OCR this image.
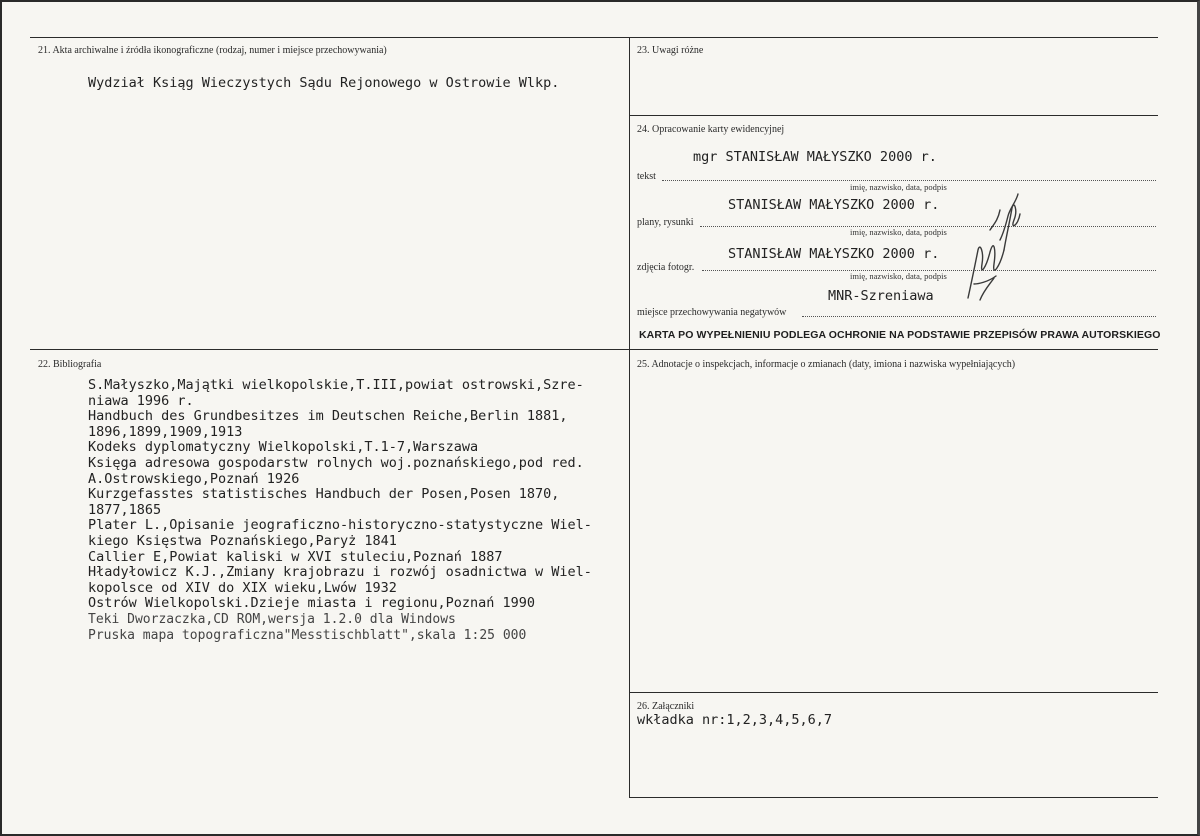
21. Akta archiwalne i źródła ikonograficzne (rodzaj, numer i miejsce przechowywania)
Wydział Ksiąg Wieczystych Sądu Rejonowego w Ostrowie Wlkp.
23. Uwagi różne
24. Opracowanie karty ewidencyjnej
mgr STANISŁAW MAŁYSZKO 2000 r.
tekst
imię, nazwisko, data, podpis
STANISŁAW MAŁYSZKO 2000 r.
plany, rysunki
imię, nazwisko, data, podpis
STANISŁAW MAŁYSZKO 2000 r.
zdjęcia fotogr.
imię, nazwisko, data, podpis
MNR-Szreniawa
miejsce przechowywania negatywów
KARTA PO WYPEŁNIENIU PODLEGA OCHRONIE NA PODSTAWIE PRZEPISÓW PRAWA AUTORSKIEGO
22. Bibliografia
S.Małyszko,Majątki wielkopolskie,T.III,powiat ostrowski,Szre-
niawa 1996 r.
Handbuch des Grundbesitzes im Deutschen Reiche,Berlin 1881,
1896,1899,1909,1913
Kodeks dyplomatyczny Wielkopolski,T.1-7,Warszawa
Księga adresowa gospodarstw rolnych woj.poznańskiego,pod red.
A.Ostrowskiego,Poznań 1926
Kurzgefasstes statistisches Handbuch der Posen,Posen 1870,
1877,1865
Plater L.,Opisanie jeograficzno-historyczno-statystyczne Wiel-
kiego Księstwa Poznańskiego,Paryż 1841
Callier E,Powiat kaliski w XVI stuleciu,Poznań 1887
Hładyłowicz K.J.,Zmiany krajobrazu i rozwój osadnictwa w Wiel-
kopolsce od XIV do XIX wieku,Lwów 1932
Ostrów Wielkopolski.Dzieje miasta i regionu,Poznań 1990
Teki Dworzaczka,CD ROM,wersja 1.2.0 dla Windows
Pruska mapa topograficzna"Messtischblatt",skala 1:25 000
25. Adnotacje o inspekcjach, informacje o zmianach (daty, imiona i nazwiska wypełniających)
26. Załączniki
wkładka nr:1,2,3,4,5,6,7
